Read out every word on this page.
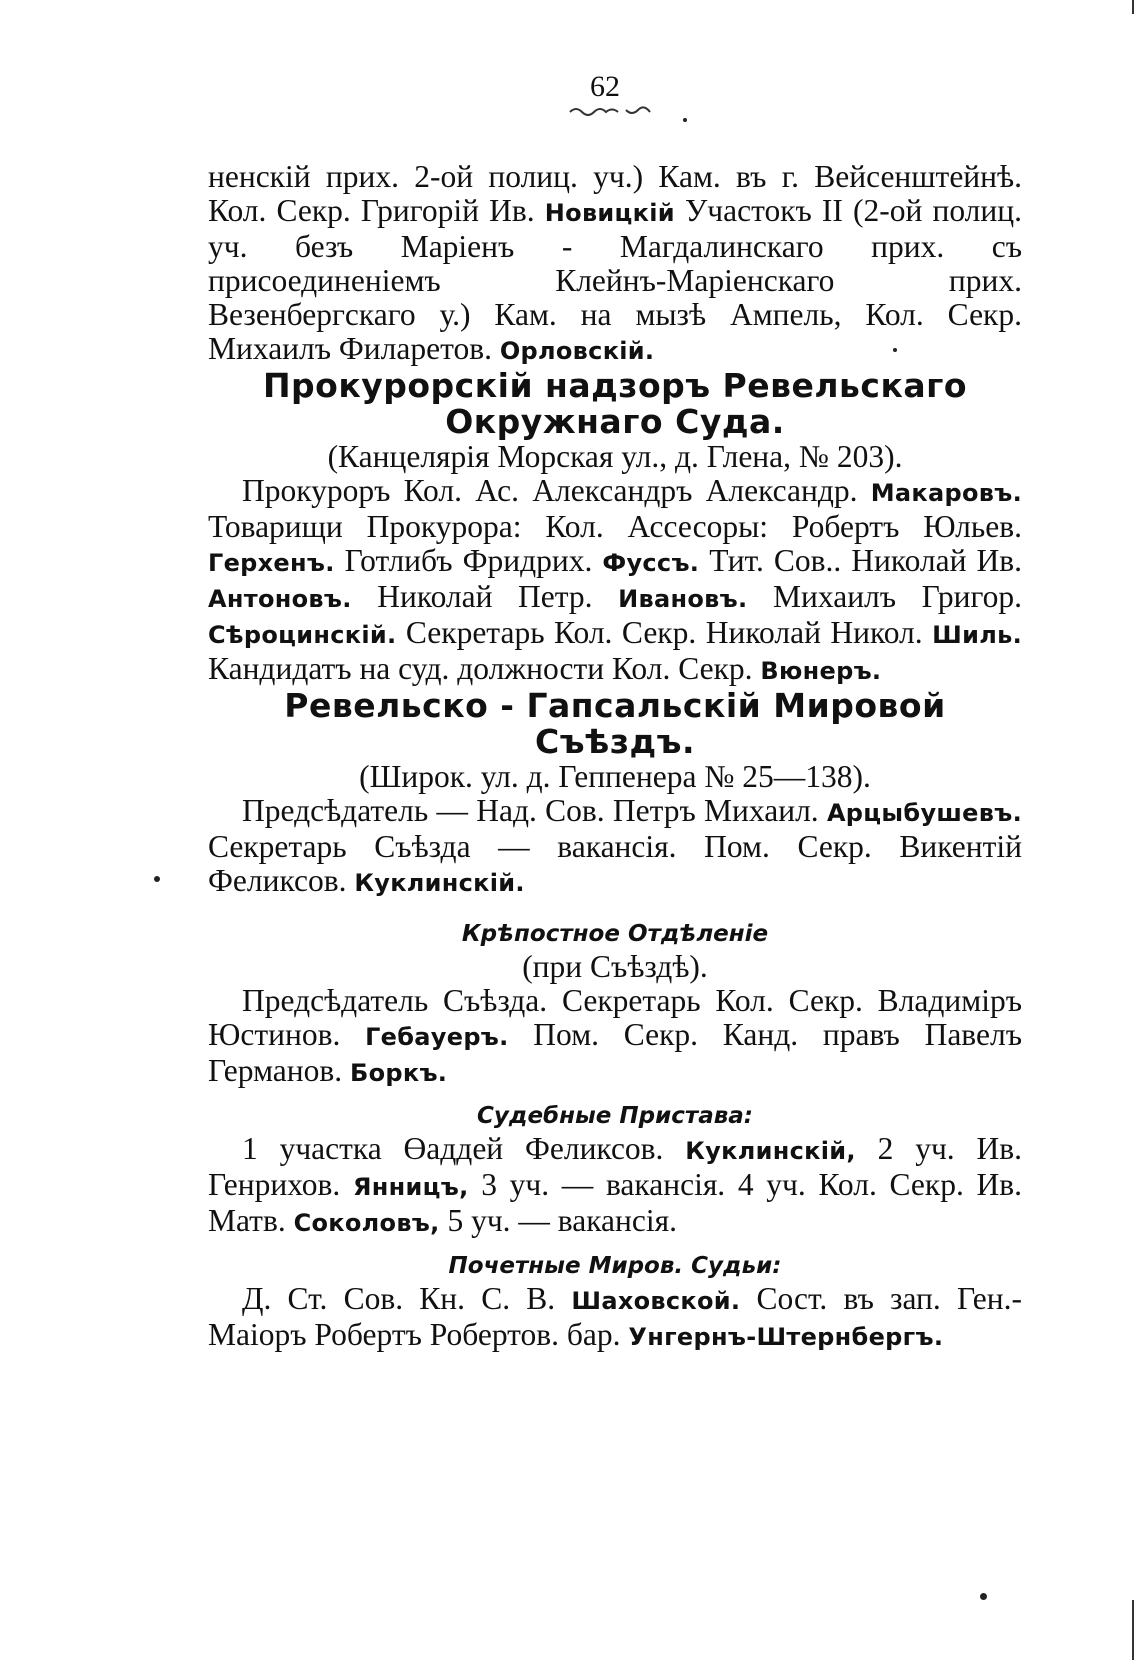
62

ненскій прих. 2-ой полиц. уч.) Кам. въ г. Вейсенштейнѣ. Кол. Секр. Григорій Ив. Новицкій Участокъ II (2-ой полиц. уч. безъ Маріенъ - Магдалинскаго прих. съ присоединеніемъ Клейнъ-Маріенскаго прих. Везенбергскаго у.) Кам. на мызѣ Ампель, Кол. Секр. Михаилъ Филаретов. Орловскій.

Прокурорскій надзоръ Ревельскаго
Окружнаго Суда.

(Канцелярія Морская ул., д. Глена, № 203).

Прокуроръ Кол. Ас. Александръ Александр. Макаровъ. Товарищи Прокурора: Кол. Ассесоры: Робертъ Юльев. Герхенъ. Готлибъ Фридрих. Фуссъ. Тит. Сов.. Николай Ив. Антоновъ. Николай Петр. Ивановъ. Михаилъ Григор. Сѣроцинскій. Секретарь Кол. Секр. Николай Никол. Шиль. Кандидатъ на суд. должности Кол. Секр. Вюнеръ.

Ревельско - Гапсальскій Мировой
Съѣздъ.

(Широк. ул. д. Геппенера № 25—138).

Предсѣдатель — Над. Сов. Петръ Михаил. Арцыбушевъ. Секретарь Съѣзда — вакансія. Пом. Секр. Викентій Феликсов. Куклинскій.

Крѣпостное Отдѣленіе

(при Съѣздѣ).

Предсѣдатель Съѣзда. Секретарь Кол. Секр. Владиміръ Юстинов. Гебауеръ. Пом. Секр. Канд. правъ Павелъ Германов. Боркъ.

Судебные Пристава:

1 участка Өаддей Феликсов. Куклинскій, 2 уч. Ив. Генрихов. Янницъ, 3 уч. — вакансія. 4 уч. Кол. Секр. Ив. Матв. Соколовъ, 5 уч. — вакансія.

Почетные Миров. Судьи:

Д. Ст. Сов. Кн. С. В. Шаховской. Сост. въ зап. Ген.-Маіоръ Робертъ Робертов. бар. Унгернъ-Штернбергъ.
